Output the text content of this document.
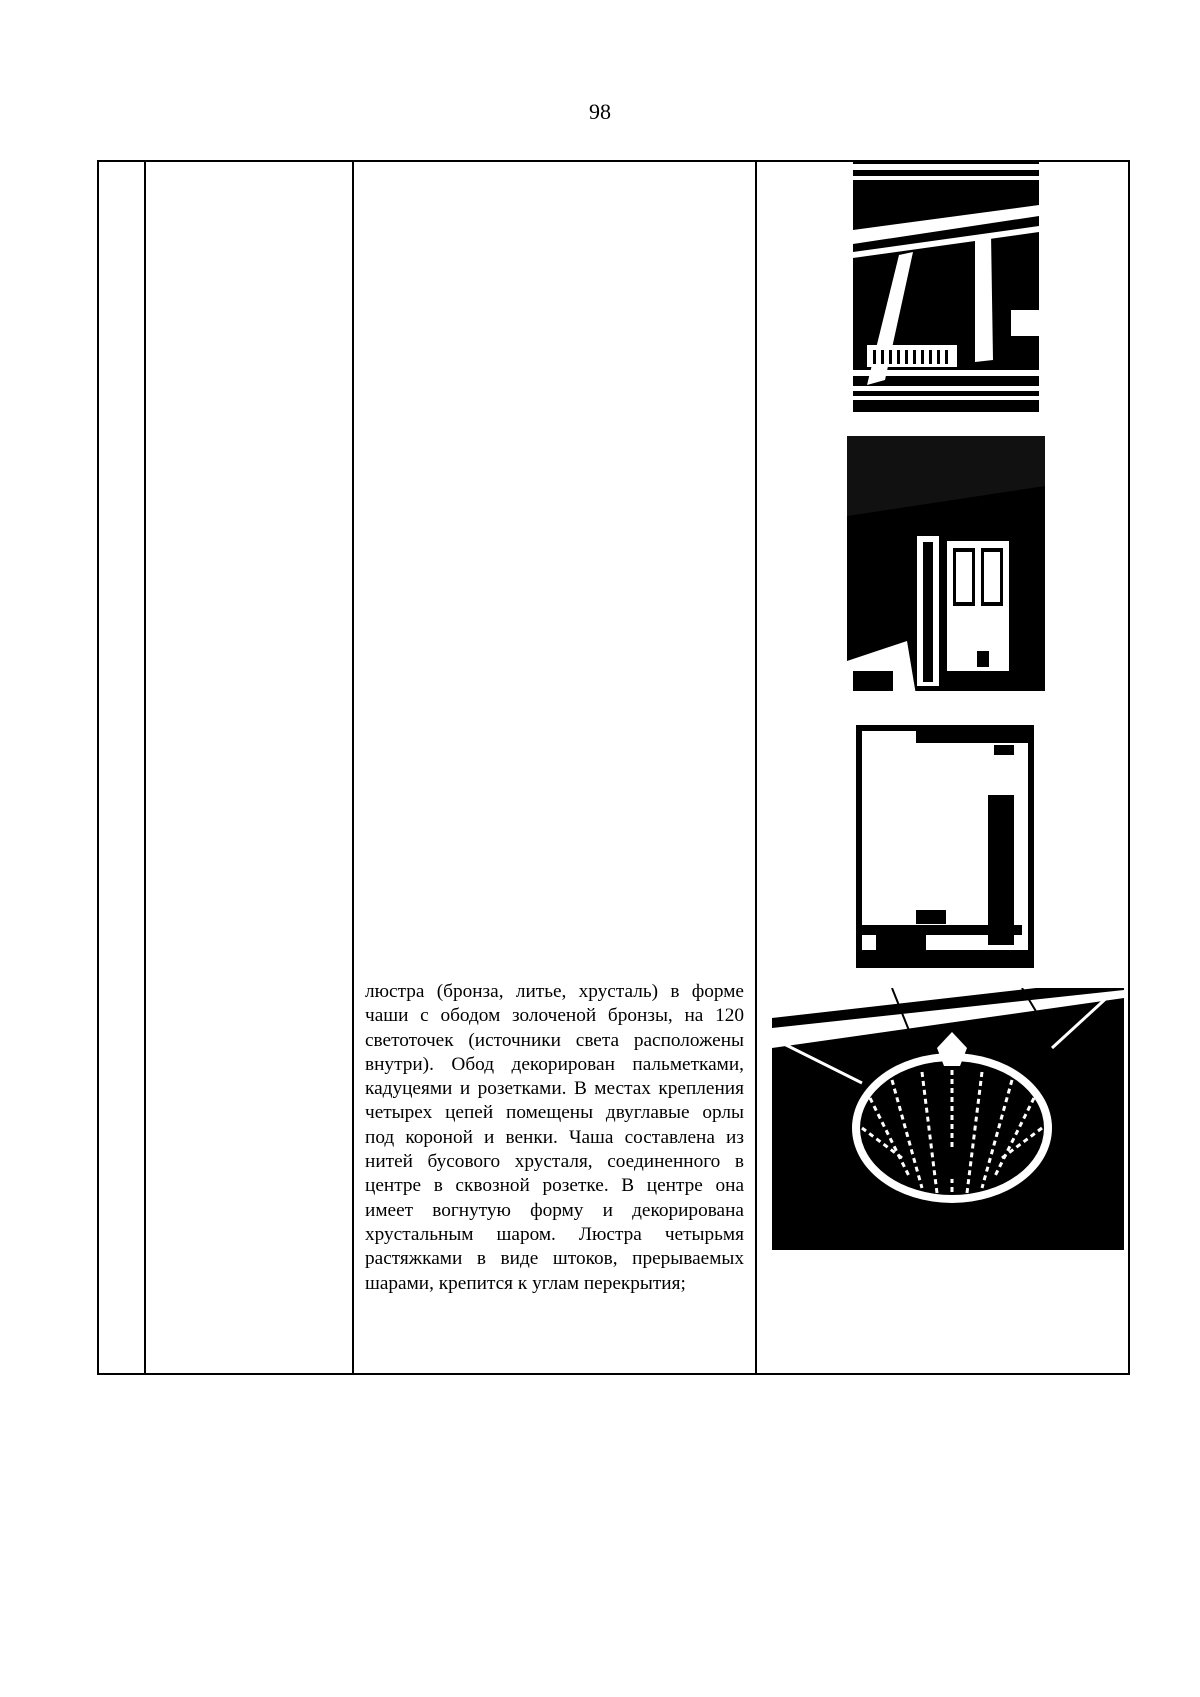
98
люстра (бронза, литье, хрусталь) в форме чаши с ободом золоченой бронзы, на 120 светоточек (источники света расположены внутри). Обод декорирован пальметками, кадуцеями и розетками. В местах крепления четырех цепей помещены двуглавые орлы под короной и венки. Чаша составлена из нитей бусового хрусталя, соединенного в центре в сквозной розетке. В центре она имеет вогнутую форму и декорирована хрустальным шаром. Люстра четырьмя растяжками в виде штоков, прерываемых шарами, крепится к углам перекрытия;
